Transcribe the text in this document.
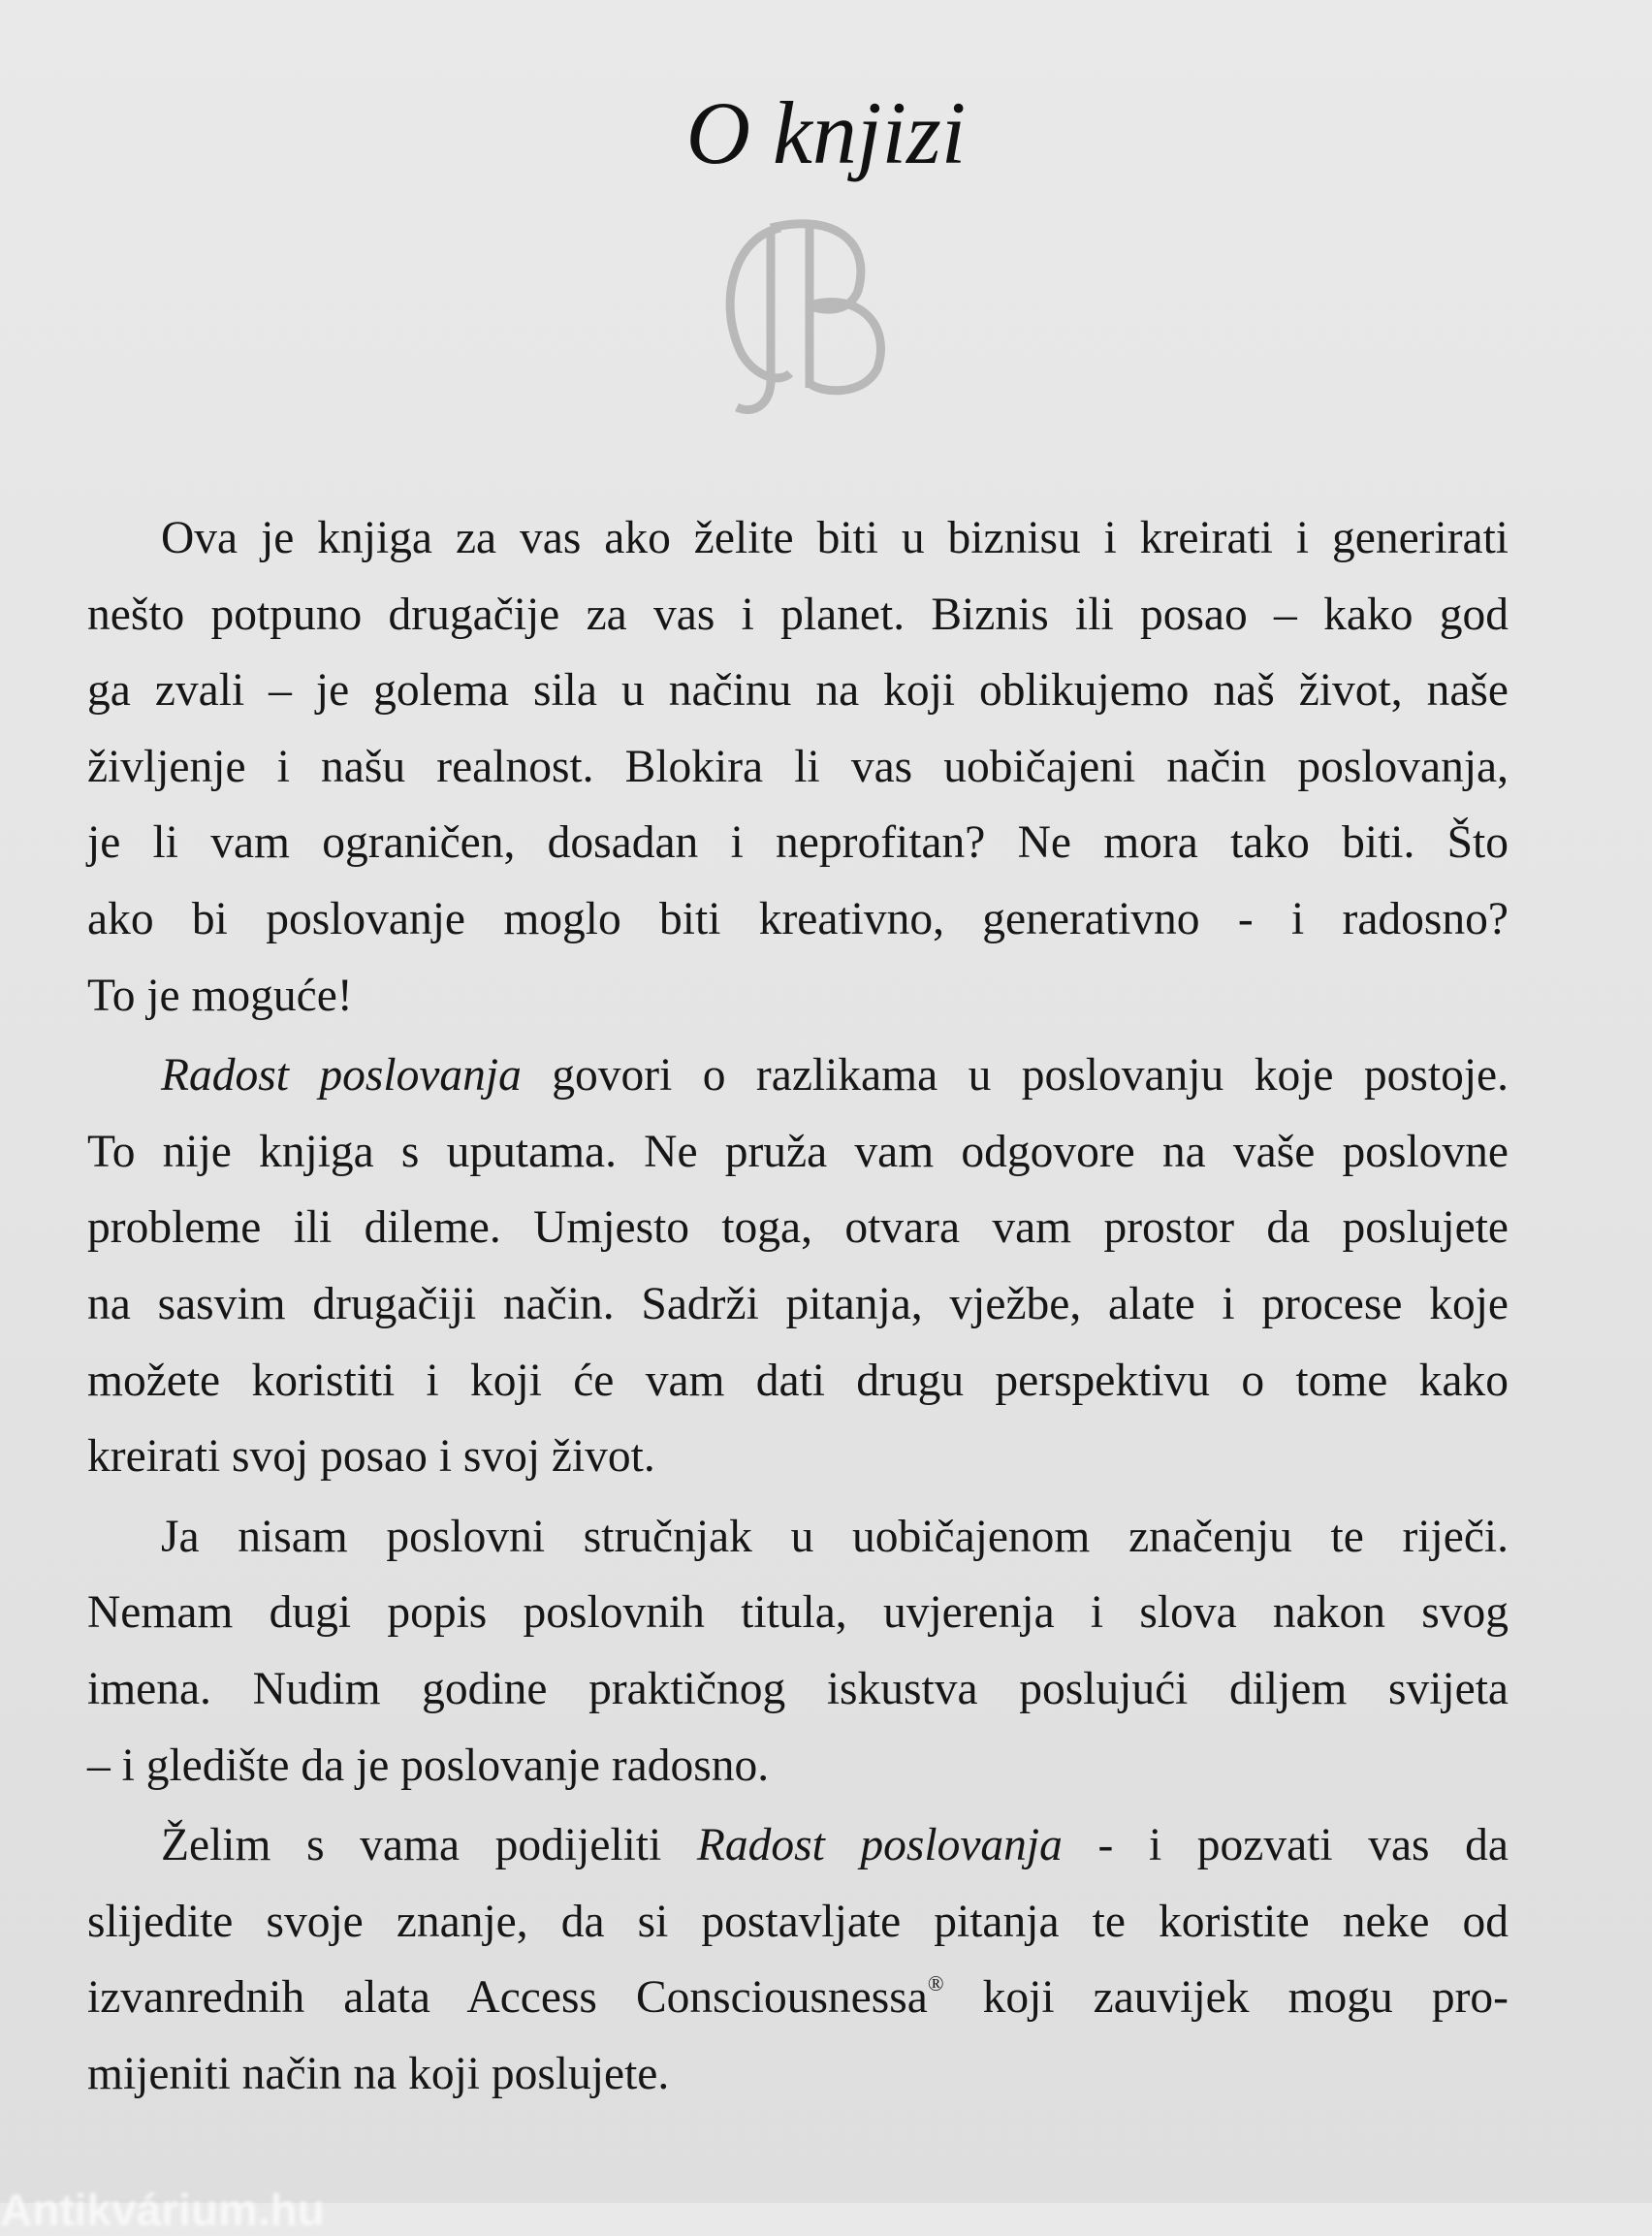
O knjizi
Ova je knjiga za vas ako želite biti u biznisu i kreirati i generirati
nešto potpuno drugačije za vas i planet. Biznis ili posao – kako god
ga zvali – je golema sila u načinu na koji oblikujemo naš život, naše
življenje i našu realnost. Blokira li vas uobičajeni način poslovanja,
je li vam ograničen, dosadan i neprofitan? Ne mora tako biti. Što
ako bi poslovanje moglo biti kreativno, generativno - i radosno?
To je moguće!
Radost poslovanja govori o razlikama u poslovanju koje postoje.
To nije knjiga s uputama. Ne pruža vam odgovore na vaše poslovne
probleme ili dileme. Umjesto toga, otvara vam prostor da poslujete
na sasvim drugačiji način. Sadrži pitanja, vježbe, alate i procese koje
možete koristiti i koji će vam dati drugu perspektivu o tome kako
kreirati svoj posao i svoj život.
Ja nisam poslovni stručnjak u uobičajenom značenju te riječi.
Nemam dugi popis poslovnih titula, uvjerenja i slova nakon svog
imena. Nudim godine praktičnog iskustva poslujući diljem svijeta
– i gledište da je poslovanje radosno.
Želim s vama podijeliti Radost poslovanja - i pozvati vas da
slijedite svoje znanje, da si postavljate pitanja te koristite neke od
izvanrednih alata Access Consciousnessa® koji zauvijek mogu pro-
mijeniti način na koji poslujete.
Antikvárium.hu
